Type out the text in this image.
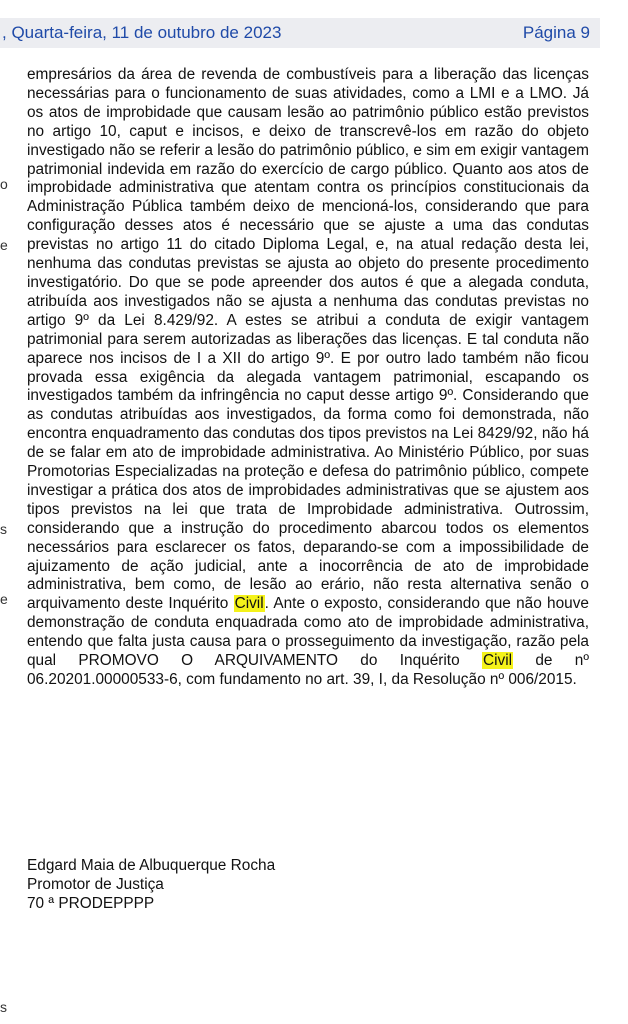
, Quarta-feira, 11 de outubro de 2023	Página 9
o
e
s
e
s

empresários da área de revenda de combustíveis para a liberação das licenças necessárias para o funcionamento de suas atividades, como a LMI e a LMO. Já os atos de improbidade que causam lesão ao patrimônio público estão previstos no artigo 10, caput e incisos, e deixo de transcrevê-los em razão do objeto investigado não se referir a lesão do patrimônio público, e sim em exigir vantagem patrimonial indevida em razão do exercício de cargo público. Quanto aos atos de improbidade administrativa que atentam contra os princípios constitucionais da Administração Pública também deixo de mencioná-los, considerando que para configuração desses atos é necessário que se ajuste a uma das condutas previstas no artigo 11 do citado Diploma Legal, e, na atual redação desta lei, nenhuma das condutas previstas se ajusta ao objeto do presente procedimento investigatório. Do que se pode apreender dos autos é que a alegada conduta, atribuída aos investigados não se ajusta a nenhuma das condutas previstas no artigo 9º da Lei 8.429/92. A estes se atribui a conduta de exigir vantagem patrimonial para serem autorizadas as liberações das licenças. E tal conduta não aparece nos incisos de I a XII do artigo 9º. E por outro lado também não ficou provada essa exigência da alegada vantagem patrimonial, escapando os investigados também da infringência no caput desse artigo 9º. Considerando que as condutas atribuídas aos investigados, da forma como foi demonstrada, não encontra enquadramento das condutas dos tipos previstos na Lei 8429/92, não há de se falar em ato de improbidade administrativa. Ao Ministério Público, por suas Promotorias Especializadas na proteção e defesa do patrimônio público, compete investigar a prática dos atos de improbidades administrativas que se ajustem aos tipos previstos na lei que trata de Improbidade administrativa. Outrossim, considerando que a instrução do procedimento abarcou todos os elementos necessários para esclarecer os fatos, deparando-se com a impossibilidade de ajuizamento de ação judicial, ante a inocorrência de ato de improbidade administrativa, bem como, de lesão ao erário, não resta alternativa senão o arquivamento deste Inquérito Civil. Ante o exposto, considerando que não houve demonstração de conduta enquadrada como ato de improbidade administrativa, entendo que falta justa causa para o prosseguimento da investigação, razão pela qual PROMOVO O ARQUIVAMENTO do Inquérito Civil de nº 06.20201.00000533-6, com fundamento no art. 39, I, da Resolução nº 006/2015.

Edgard Maia de Albuquerque Rocha
Promotor de Justiça
70 ª PRODEPPPP
